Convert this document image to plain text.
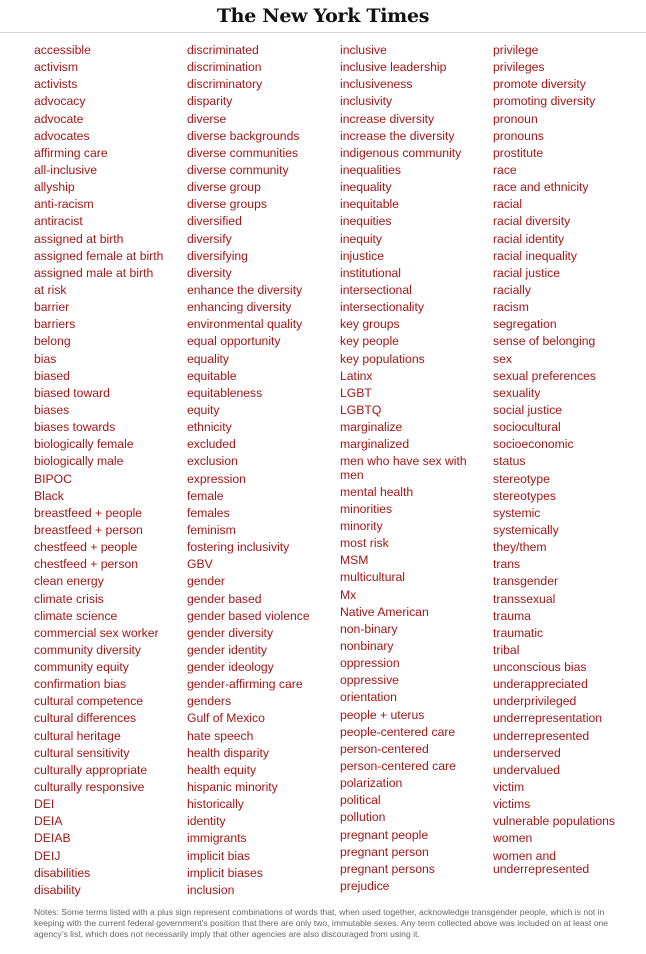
The New York Times
accessible
activism
activists
advocacy
advocate
advocates
affirming care
all-inclusive
allyship
anti-racism
antiracist
assigned at birth
assigned female at birth
assigned male at birth
at risk
barrier
barriers
belong
bias
biased
biased toward
biases
biases towards
biologically female
biologically male
BIPOC
Black
breastfeed + people
breastfeed + person
chestfeed + people
chestfeed + person
clean energy
climate crisis
climate science
commercial sex worker
community diversity
community equity
confirmation bias
cultural competence
cultural differences
cultural heritage
cultural sensitivity
culturally appropriate
culturally responsive
DEI
DEIA
DEIAB
DEIJ
disabilities
disability
discriminated
discrimination
discriminatory
disparity
diverse
diverse backgrounds
diverse communities
diverse community
diverse group
diverse groups
diversified
diversify
diversifying
diversity
enhance the diversity
enhancing diversity
environmental quality
equal opportunity
equality
equitable
equitableness
equity
ethnicity
excluded
exclusion
expression
female
females
feminism
fostering inclusivity
GBV
gender
gender based
gender based violence
gender diversity
gender identity
gender ideology
gender-affirming care
genders
Gulf of Mexico
hate speech
health disparity
health equity
hispanic minority
historically
identity
immigrants
implicit bias
implicit biases
inclusion
inclusive
inclusive leadership
inclusiveness
inclusivity
increase diversity
increase the diversity
indigenous community
inequalities
inequality
inequitable
inequities
inequity
injustice
institutional
intersectional
intersectionality
key groups
key people
key populations
Latinx
LGBT
LGBTQ
marginalize
marginalized
men who have sex with men
mental health
minorities
minority
most risk
MSM
multicultural
Mx
Native American
non-binary
nonbinary
oppression
oppressive
orientation
people + uterus
people-centered care
person-centered
person-centered care
polarization
political
pollution
pregnant people
pregnant person
pregnant persons
prejudice
privilege
privileges
promote diversity
promoting diversity
pronoun
pronouns
prostitute
race
race and ethnicity
racial
racial diversity
racial identity
racial inequality
racial justice
racially
racism
segregation
sense of belonging
sex
sexual preferences
sexuality
social justice
sociocultural
socioeconomic
status
stereotype
stereotypes
systemic
systemically
they/them
trans
transgender
transsexual
trauma
traumatic
tribal
unconscious bias
underappreciated
underprivileged
underrepresentation
underrepresented
underserved
undervalued
victim
victims
vulnerable populations
women
women and underrepresented
Notes: Some terms listed with a plus sign represent combinations of words that, when used together, acknowledge transgender people, which is not in keeping with the current federal government’s position that there are only two, immutable sexes. Any term collected above was included on at least one agency’s list, which does not necessarily imply that other agencies are also discouraged from using it.
